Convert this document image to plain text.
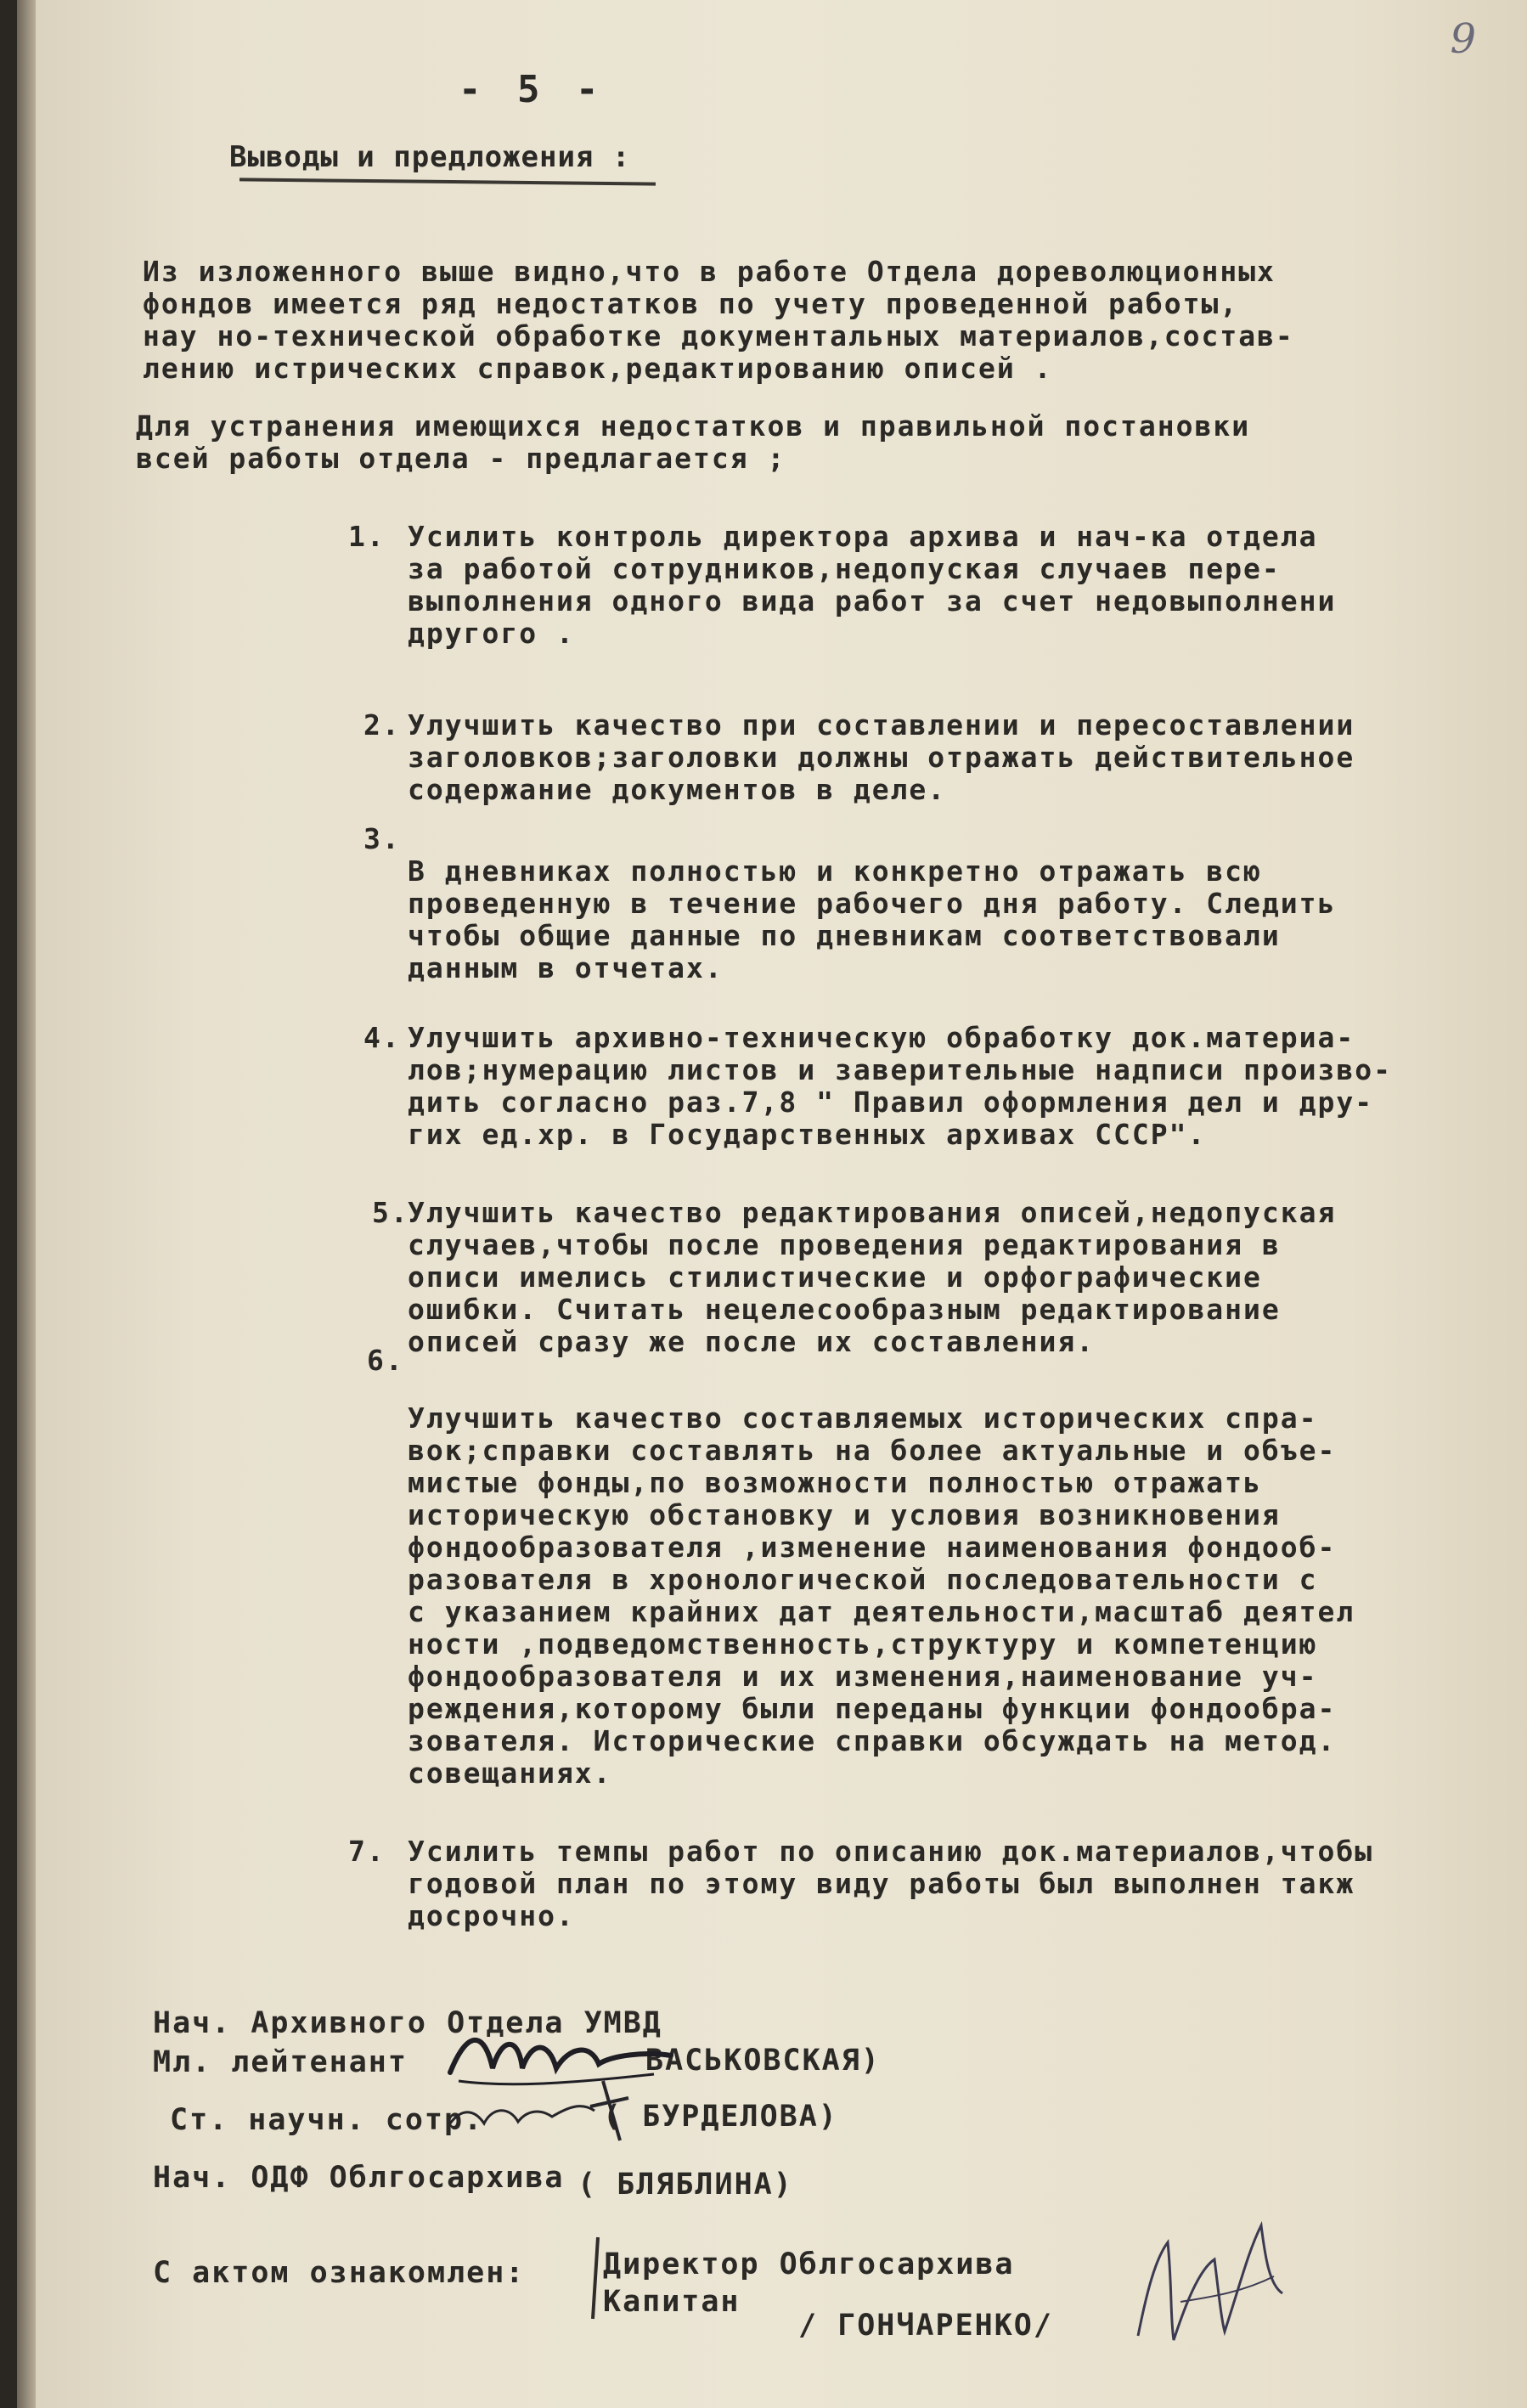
9
- 5 -
Выводы и предложения :
Из изложенного выше видно,что в работе Отдела дореволюционных
фондов имеется ряд недостатков по учету проведенной работы,
нау но-технической обработке документальных материалов,состав-
лению истрических справок,редактированию описей .
Для устранения имеющихся недостатков и правильной постановки
всей работы отдела - предлагается ;
1. Усилить контроль директора архива и нач-ка отдела
за работой сотрудников,недопуская случаев пере-
выполнения одного вида работ за счет недовыполнени
другого .
2. Улучшить качество при составлении и пересоставлении
заголовков;заголовки должны отражать действительное
содержание документов в деле.
3.
В дневниках полностью и конкретно отражать всю
проведенную в течение рабочего дня работу. Следить
чтобы общие данные по дневникам соответствовали
данным в отчетах.
4. Улучшить архивно-техническую обработку док.материа-
лов;нумерацию листов и заверительные надписи произво-
дить согласно раз.7,8 " Правил оформления дел и дру-
гих ед.хр. в Государственных архивах СССР".
5.
Улучшить качество редактирования описей,недопуская
случаев,чтобы после проведения редактирования в
описи имелись стилистические и орфографические
ошибки. Считать нецелесообразным редактирование
описей сразу же после их составления.
6.
Улучшить качество составляемых исторических спра-
вок;справки составлять на более актуальные и объе-
мистые фонды,по возможности полностью отражать
историческую обстановку и условия возникновения
фондообразователя ,изменение наименования фондооб-
разователя в хронологической последовательности с
с указанием крайних дат деятельности,масштаб деятел
ности ,подведомственность,структуру и компетенцию
фондообразователя и их изменения,наименование уч-
реждения,которому были переданы функции фондообра-
зователя. Исторические справки обсуждать на метод.
совещаниях.
7. Усилить темпы работ по описанию док.материалов,чтобы
годовой план по этому виду работы был выполнен такж
досрочно.
Нач. Архивного Отдела УМВД
Мл. лейтенант	ВАСЬКОВСКАЯ)
Ст. научн. сотр.	( БУРДЕЛОВА)
Нач. ОДФ Облгосархива ( БЛЯБЛИНА)
С актом ознакомлен:	Директор Облгосархива
Капитан
/ ГОНЧАРЕНКО/
